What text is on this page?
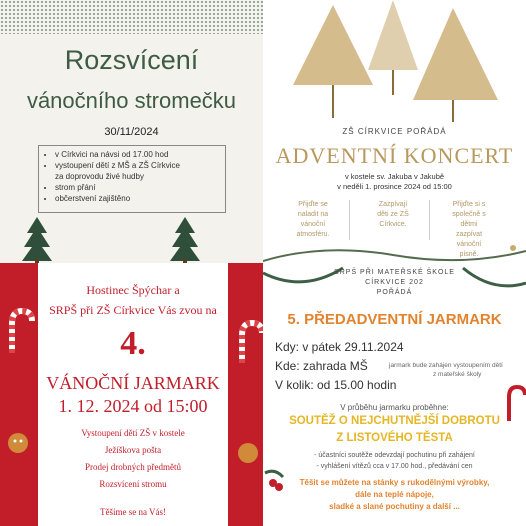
Rozsvícení
vánočního stromečku
30/11/2024
• v Církvici na návsi od 17.00 hod
• vystoupení dětí z MŠ a ZŠ Církvice
za doprovodu živé hudby
• strom přání
• občerstvení zajištěno
ZŠ CÍRKVICE POŘÁDÁ
ADVENTNÍ KONCERT
v kostele sv. Jakuba v Jakubě
v neděli 1. prosince 2024 od 15:00
Přijďte se
naladit na
vánoční
atmosféru.
Zazpívají
děti ze ZŠ
Církvice.
Přijďte si s
společně s
dětmi
zazpívat
vánoční
písně.
Hostinec Špýchar a
SRPŠ při ZŠ Církvice Vás zvou na
4.
VÁNOČNÍ JARMARK
1. 12. 2024 od 15:00
Vystoupení dětí ZŠ v kostele
Ježíškova pošta
Prodej drobných předmětů
Rozsvícení stromu
Těšíme se na Vás!
SRPŠ PŘI MATEŘSKÉ ŠKOLE
CÍRKVICE 202
POŘÁDÁ
5. PŘEDADVENTNÍ JARMARK
Kdy: v pátek 29.11.2024
Kde: zahrada MŠ
V kolik: od 15.00 hodin
jarmark bude zahájen vystoupením dětí
z mateřské školy
V průběhu jarmarku proběhne:
SOUTĚŽ O NEJCHUTNĚJŠÍ DOBROTU
Z LISTOVÉHO TĚSTA
- účastníci soutěže odevzdají pochutinu při zahájení
- vyhlášení vítězů cca v 17.00 hod., předávání cen
Těšit se můžete na stánky s rukodělnými výrobky,
dále na teplé nápoje,
sladké a slané pochutiny a další ...
